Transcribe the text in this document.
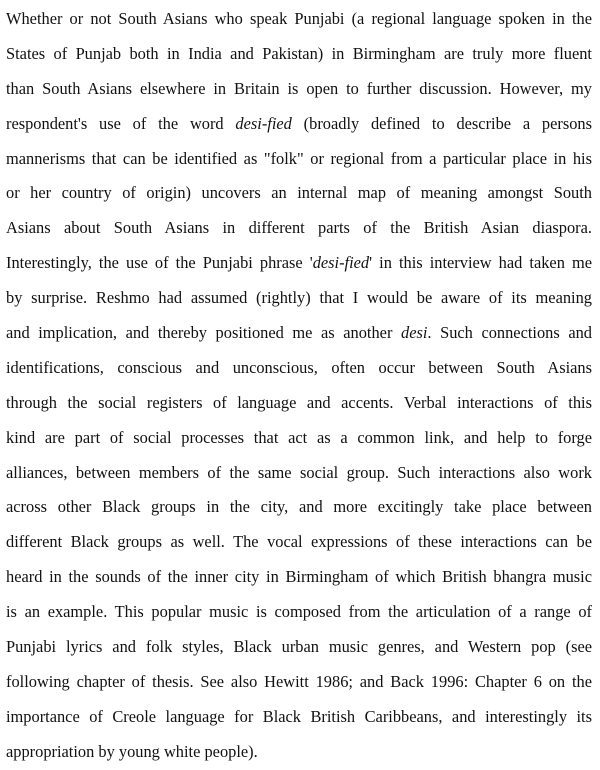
Whether or not South Asians who speak Punjabi (a regional language spoken in the
States of Punjab both in India and Pakistan) in Birmingham are truly more fluent
than South Asians elsewhere in Britain is open to further discussion. However, my
respondent's use of the word desi-fied (broadly defined to describe a persons
mannerisms that can be identified as "folk" or regional from a particular place in his
or her country of origin) uncovers an internal map of meaning amongst South
Asians about South Asians in different parts of the British Asian diaspora.
Interestingly, the use of the Punjabi phrase 'desi-fied' in this interview had taken me
by surprise. Reshmo had assumed (rightly) that I would be aware of its meaning
and implication, and thereby positioned me as another desi. Such connections and
identifications, conscious and unconscious, often occur between South Asians
through the social registers of language and accents. Verbal interactions of this
kind are part of social processes that act as a common link, and help to forge
alliances, between members of the same social group. Such interactions also work
across other Black groups in the city, and more excitingly take place between
different Black groups as well. The vocal expressions of these interactions can be
heard in the sounds of the inner city in Birmingham of which British bhangra music
is an example. This popular music is composed from the articulation of a range of
Punjabi lyrics and folk styles, Black urban music genres, and Western pop (see
following chapter of thesis. See also Hewitt 1986; and Back 1996: Chapter 6 on the
importance of Creole language for Black British Caribbeans, and interestingly its
appropriation by young white people).
